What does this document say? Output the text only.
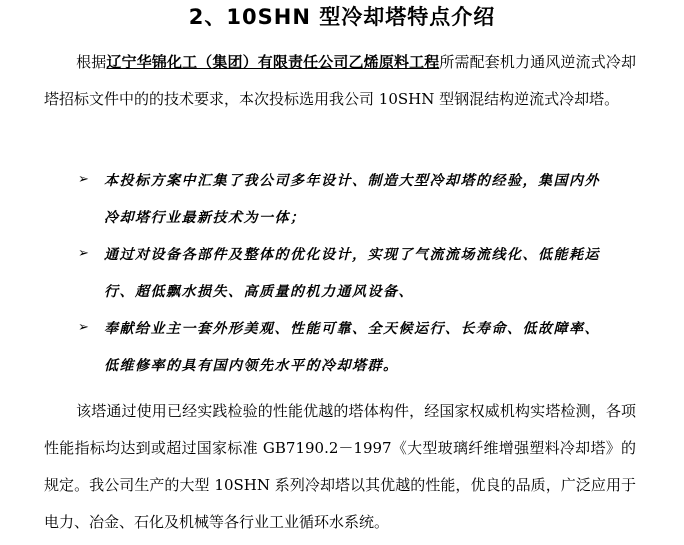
2、10SHN 型冷却塔特点介绍

根据辽宁华锦化工（集团）有限责任公司乙烯原料工程所需配套机力通风逆流式冷却塔招标文件中的的技术要求，本次投标选用我公司 10SHN 型钢混结构逆流式冷却塔。

➢ 本投标方案中汇集了我公司多年设计、制造大型冷却塔的经验，集国内外冷却塔行业最新技术为一体；
➢ 通过对设备各部件及整体的优化设计，实现了气流流场流线化、低能耗运行、超低飘水损失、高质量的机力通风设备、
➢ 奉献给业主一套外形美观、性能可靠、全天候运行、长寿命、低故障率、低维修率的具有国内领先水平的冷却塔群。

该塔通过使用已经实践检验的性能优越的塔体构件，经国家权威机构实塔检测，各项性能指标均达到或超过国家标准 GB7190.2－1997《大型玻璃纤维增强塑料冷却塔》的规定。我公司生产的大型 10SHN 系列冷却塔以其优越的性能，优良的品质，广泛应用于电力、冶金、石化及机械等各行业工业循环水系统。
